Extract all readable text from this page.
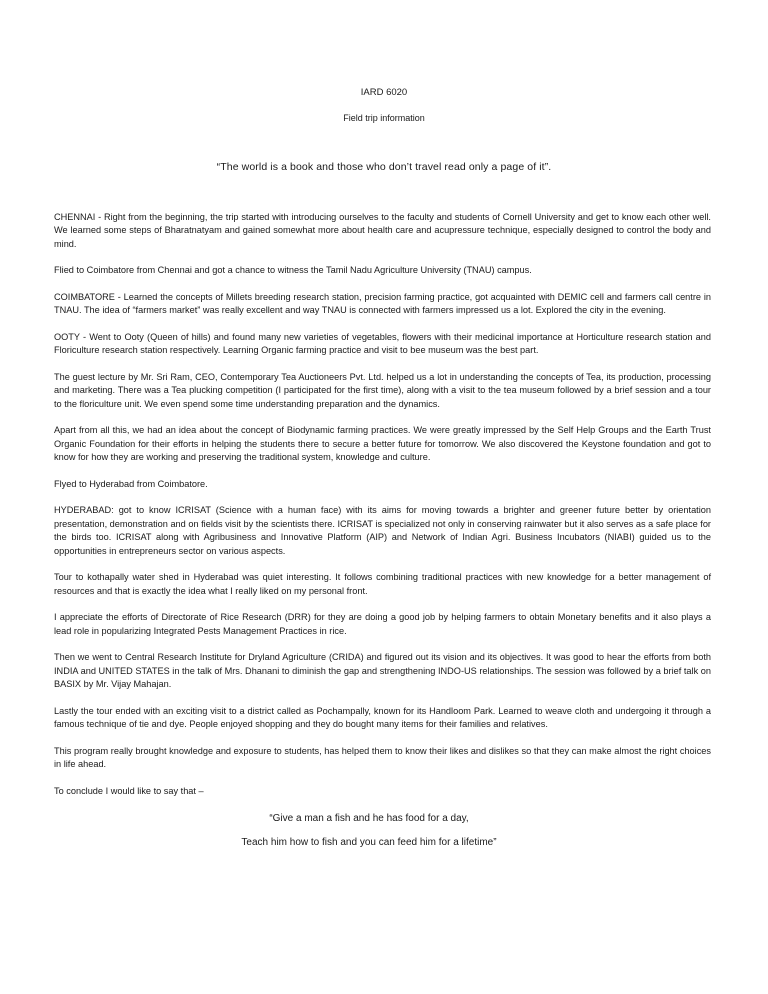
IARD 6020
Field trip information
“The world is a book and those who don’t travel read only a page of it”.

CHENNAI - Right from the beginning, the trip started with introducing ourselves to the faculty and students of Cornell University and get to know each other well. We learned some steps of Bharatnatyam and gained somewhat more about health care and acupressure technique, especially designed to control the body and mind.

Flied to Coimbatore from Chennai and got a chance to witness the Tamil Nadu Agriculture University (TNAU) campus.

COIMBATORE - Learned the concepts of Millets breeding research station, precision farming practice, got acquainted with DEMIC cell and farmers call centre in TNAU. The idea of “farmers market” was really excellent and way TNAU is connected with farmers impressed us a lot. Explored the city in the evening.

OOTY - Went to Ooty (Queen of hills) and found many new varieties of vegetables, flowers with their medicinal importance at Horticulture research station and Floriculture research station respectively. Learning Organic farming practice and visit to bee museum was the best part.

The guest lecture by Mr. Sri Ram, CEO, Contemporary Tea Auctioneers Pvt. Ltd. helped us a lot in understanding the concepts of Tea, its production, processing and marketing. There was a Tea plucking competition (I participated for the first time), along with a visit to the tea museum followed by a brief session and a tour to the floriculture unit. We even spend some time understanding preparation and the dynamics.

Apart from all this, we had an idea about the concept of Biodynamic farming practices. We were greatly impressed by the Self Help Groups and the Earth Trust Organic Foundation for their efforts in helping the students there to secure a better future for tomorrow. We also discovered the Keystone foundation and got to know for how they are working and preserving the traditional system, knowledge and culture.

Flyed to Hyderabad from Coimbatore.

HYDERABAD: got to know ICRISAT (Science with a human face) with its aims for moving towards a brighter and greener future better by orientation presentation, demonstration and on fields visit by the scientists there. ICRISAT is specialized not only in conserving rainwater but it also serves as a safe place for the birds too. ICRISAT along with Agribusiness and Innovative Platform (AIP) and Network of Indian Agri. Business Incubators (NIABI) guided us to the opportunities in entrepreneurs sector on various aspects.

Tour to kothapally water shed in Hyderabad was quiet interesting. It follows combining traditional practices with new knowledge for a better management of resources and that is exactly the idea what I really liked on my personal front.

I appreciate the efforts of Directorate of Rice Research (DRR) for they are doing a good job by helping farmers to obtain Monetary benefits and it also plays a lead role in popularizing Integrated Pests Management Practices in rice.

Then we went to Central Research Institute for Dryland Agriculture (CRIDA) and figured out its vision and its objectives. It was good to hear the efforts from both INDIA and UNITED STATES in the talk of Mrs. Dhanani to diminish the gap and strengthening INDO-US relationships. The session was followed by a brief talk on BASIX by Mr. Vijay Mahajan.

Lastly the tour ended with an exciting visit to a district called as Pochampally, known for its Handloom Park. Learned to weave cloth and undergoing it through a famous technique of tie and dye. People enjoyed shopping and they do bought many items for their families and relatives.

This program really brought knowledge and exposure to students, has helped them to know their likes and dislikes so that they can make almost the right choices in life ahead.

To conclude I would like to say that –

“Give a man a fish and he has food for a day,
Teach him how to fish and you can feed him for a lifetime”
